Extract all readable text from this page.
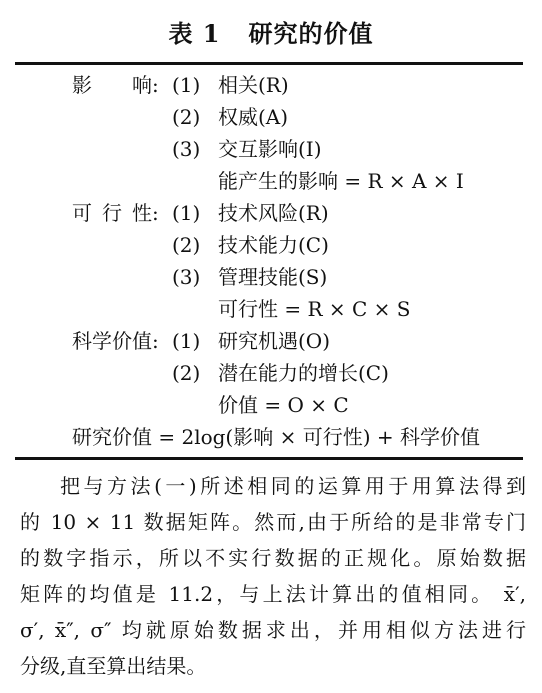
表 1   研究的价值
影 响 : (1) 相关(R)
(2) 权威(A)
(3) 交互影响(I)
能产生的影响 = R × A × I
可 行 性 : (1) 技术风险(R)
(2) 技术能力(C)
(3) 管理技能(S)
可行性 = R × C × S
科 学 价 值 : (1) 研究机遇(O)
(2) 潜在能力的增长(C)
价值 = O × C
研究价值 = 2log(影响 × 可行性) + 科学价值
把与方法(一)所述相同的运算用于用算法得到
的 10 × 11 数据矩阵。然而,由于所给的是非常专门
的数字指示，所以不实行数据的正规化。原始数据
矩阵的均值是 11.2，与上法计算出的值相同。 x̄′,
σ′, x̄″, σ″ 均就原始数据求出，并用相似方法进行
分级,直至算出结果。
